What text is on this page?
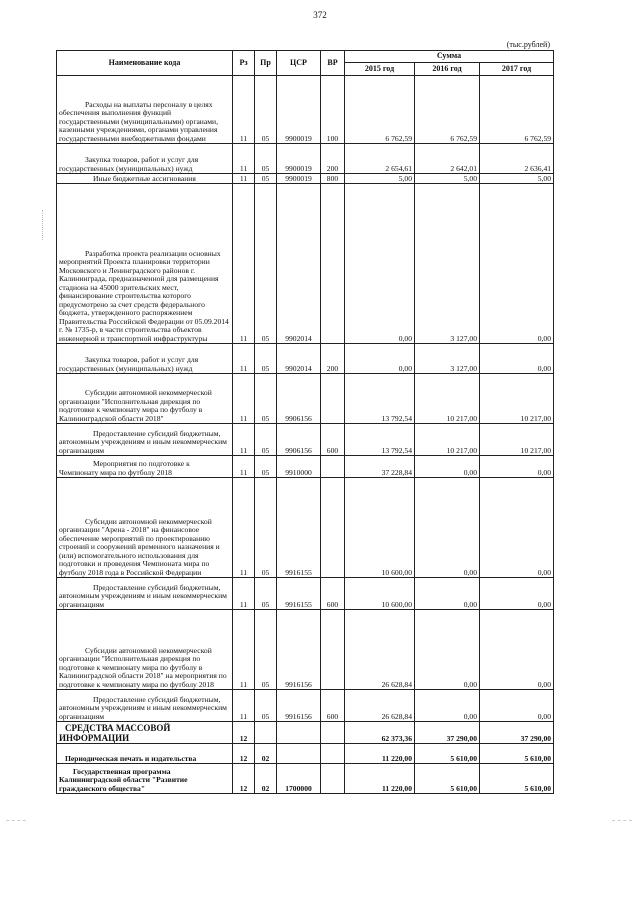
372
(тыс.рублей)
Наименование кода	Рз	Пр	ЦСР	ВР	Сумма		
					2015 год	2016 год	2017 год

Расходы на выплаты персоналу в целях обеспечения выполнения функций государственными (муниципальными) органами, казенными учреждениями, органами управления государственными внебюджетными фондами	11	05	9900019	100	6 762,59	6 762,59	6 762,59
Закупка товаров, работ и услуг для государственных (муниципальных) нужд	11	05	9900019	200	2 654,61	2 642,01	2 636,41
Иные бюджетные ассигнования	11	05	9900019	800	5,00	5,00	5,00
Разработка проекта реализации основных мероприятий Проекта планировки территории Московского и Ленинградского районов г. Калининграда, предназначенной для размещения стадиона на 45000 зрительских мест, финансирование строительства которого предусмотрено за счет средств федерального бюджета, утвержденного распоряжением Правительства Российской Федерации от 05.09.2014 г. № 1735-р, в части строительства объектов инженерной и транспортной инфраструктуры	11	05	9902014		0,00	3 127,00	0,00
Закупка товаров, работ и услуг для государственных (муниципальных) нужд	11	05	9902014	200	0,00	3 127,00	0,00
Субсидии автономной некоммерческой организации "Исполнительная дирекция по подготовке к чемпионату мира по футболу в Калининградской области 2018"	11	05	9906156		13 792,54	10 217,00	10 217,00
Предоставление субсидий бюджетным, автономным учреждениям и иным некоммерческим организациям	11	05	9906156	600	13 792,54	10 217,00	10 217,00
Мероприятия по подготовке к Чемпионату мира по футболу 2018	11	05	9910000		37 228,84	0,00	0,00
Субсидии автономной некоммерческой организации "Арена - 2018" на финансовое обеспечение мероприятий по проектированию строений и сооружений временного назначения и (или) вспомогательного использования для подготовки и проведения Чемпионата мира по футболу 2018 года в Российской Федерации	11	05	9916155		10 600,00	0,00	0,00
Предоставление субсидий бюджетным, автономным учреждениям и иным некоммерческим организациям	11	05	9916155	600	10 600,00	0,00	0,00
Субсидии автономной некоммерческой организации "Исполнительная дирекция по подготовке к чемпионату мира по футболу в Калининградской области 2018" на мероприятия по подготовке к чемпионату мира по футболу 2018	11	05	9916156		26 628,84	0,00	0,00
Предоставление субсидий бюджетным, автономным учреждениям и иным некоммерческим организациям	11	05	9916156	600	26 628,84	0,00	0,00
СРЕДСТВА МАССОВОЙ ИНФОРМАЦИИ	12				62 373,36	37 290,00	37 290,00
Периодическая печать и издательства	12	02			11 220,00	5 610,00	5 610,00
Государственная программа Калининградской области "Развитие гражданского общества"	12	02	1700000		11 220,00	5 610,00	5 610,00
